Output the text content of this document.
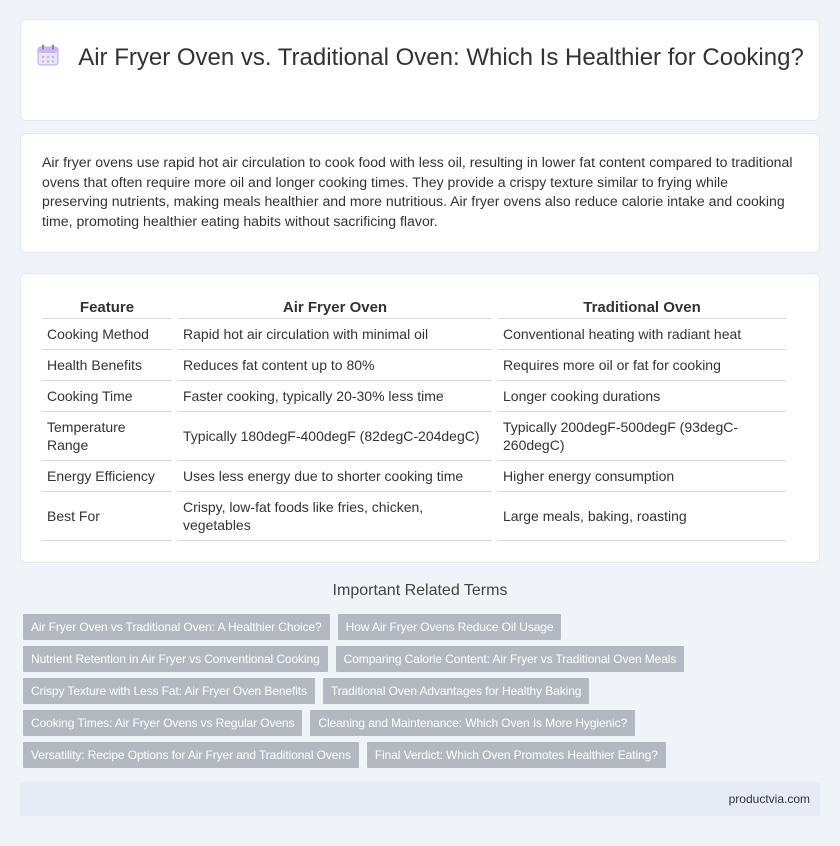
Air Fryer Oven vs. Traditional Oven: Which Is Healthier for Cooking?

Air fryer ovens use rapid hot air circulation to cook food with less oil, resulting in lower fat content compared to traditional ovens that often require more oil and longer cooking times. They provide a crispy texture similar to frying while preserving nutrients, making meals healthier and more nutritious. Air fryer ovens also reduce calorie intake and cooking time, promoting healthier eating habits without sacrificing flavor.

Feature	Air Fryer Oven	Traditional Oven
Cooking Method	Rapid hot air circulation with minimal oil	Conventional heating with radiant heat
Health Benefits	Reduces fat content up to 80%	Requires more oil or fat for cooking
Cooking Time	Faster cooking, typically 20-30% less time	Longer cooking durations
Temperature Range	Typically 180degF-400degF (82degC-204degC)	Typically 200degF-500degF (93degC-260degC)
Energy Efficiency	Uses less energy due to shorter cooking time	Higher energy consumption
Best For	Crispy, low-fat foods like fries, chicken, vegetables	Large meals, baking, roasting
Important Related Terms
Air Fryer Oven vs Traditional Oven: A Healthier Choice?	How Air Fryer Ovens Reduce Oil Usage
Nutrient Retention in Air Fryer vs Conventional Cooking	Comparing Calorie Content: Air Fryer vs Traditional Oven Meals
Crispy Texture with Less Fat: Air Fryer Oven Benefits	Traditional Oven Advantages for Healthy Baking
Cooking Times: Air Fryer Ovens vs Regular Ovens	Cleaning and Maintenance: Which Oven Is More Hygienic?
Versatility: Recipe Options for Air Fryer and Traditional Ovens	Final Verdict: Which Oven Promotes Healthier Eating?
productvia.com
